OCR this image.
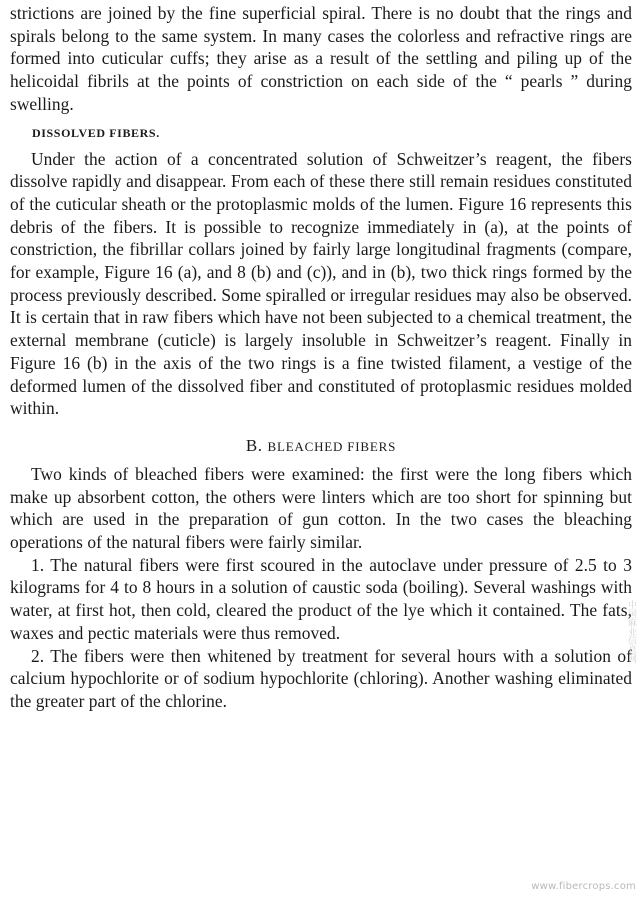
strictions are joined by the fine superficial spiral. There is no doubt that the rings and spirals belong to the same system. In many cases the colorless and refractive rings are formed into cuticular cuffs; they arise as a result of the settling and piling up of the helicoidal fibrils at the points of constriction on each side of the “ pearls ” during swelling.

DISSOLVED FIBERS.

Under the action of a concentrated solution of Schweitzer’s reagent, the fibers dissolve rapidly and disappear. From each of these there still remain residues constituted of the cuticular sheath or the protoplasmic molds of the lumen. Figure 16 represents this debris of the fibers. It is possible to recognize immediately in (a), at the points of constriction, the fibrillar collars joined by fairly large longitudinal fragments (compare, for example, Figure 16 (a), and 8 (b) and (c)), and in (b), two thick rings formed by the process previously described. Some spiralled or irregular residues may also be observed. It is certain that in raw fibers which have not been subjected to a chemical treatment, the external membrane (cuticle) is largely insoluble in Schweitzer’s reagent. Finally in Figure 16 (b) in the axis of the two rings is a fine twisted filament, a vestige of the deformed lumen of the dissolved fiber and constituted of protoplasmic residues molded within.

B. BLEACHED FIBERS

Two kinds of bleached fibers were examined: the first were the long fibers which make up absorbent cotton, the others were linters which are too short for spinning but which are used in the preparation of gun cotton. In the two cases the bleaching operations of the natural fibers were fairly similar.

1. The natural fibers were first scoured in the autoclave under pressure of 2.5 to 3 kilograms for 4 to 8 hours in a solution of caustic soda (boiling). Several washings with water, at first hot, then cold, cleared the product of the lye which it contained. The fats, waxes and pectic materials were thus removed.

2. The fibers were then whitened by treatment for several hours with a solution of calcium hypochlorite or of sodium hypochlorite (chloring). Another washing eliminated the greater part of the chlorine.

中国麻业信息网
www.fibercrops.com
